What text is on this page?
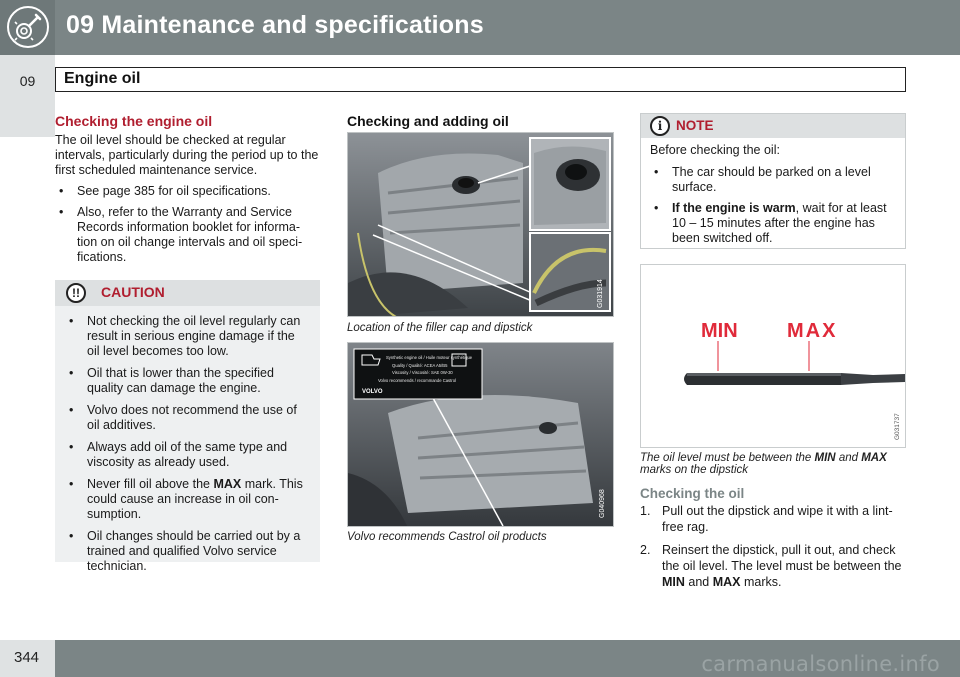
09 Maintenance and specifications
09	Engine oil
Checking the engine oil
The oil level should be checked at regular intervals, particularly during the period up to the first scheduled maintenance service.
• See page 385 for oil specifications.
• Also, refer to the Warranty and Service Records information booklet for informa-tion on oil change intervals and oil speci-fications.
!!	CAUTION
• Not checking the oil level regularly can result in serious engine damage if the oil level becomes too low.
• Oil that is lower than the specified quality can damage the engine.
• Volvo does not recommend the use of oil additives.
• Always add oil of the same type and viscosity as already used.
• Never fill oil above the MAX mark. This could cause an increase in oil con-sumption.
• Oil changes should be carried out by a trained and qualified Volvo service technician.
Checking and adding oil
G031914
Location of the filler cap and dipstick
Synthetic engine oil / Huile moteur synthétique
Quality / Qualité: ACEA A5/B5
Viscosity / Viscosité: SAE 0W-30
Volvo recommends / recommande Castrol
VOLVO
G040968
Volvo recommends Castrol oil products
i	NOTE
Before checking the oil:
• The car should be parked on a level surface.
• If the engine is warm, wait for at least 10 – 15 minutes after the engine has been switched off.
MIN MAX
G031737
The oil level must be between the MIN and MAX marks on the dipstick
Checking the oil
1. Pull out the dipstick and wipe it with a lint-free rag.
2. Reinsert the dipstick, pull it out, and check the oil level. The level must be between the MIN and MAX marks.
344	carmanualsonline.info
